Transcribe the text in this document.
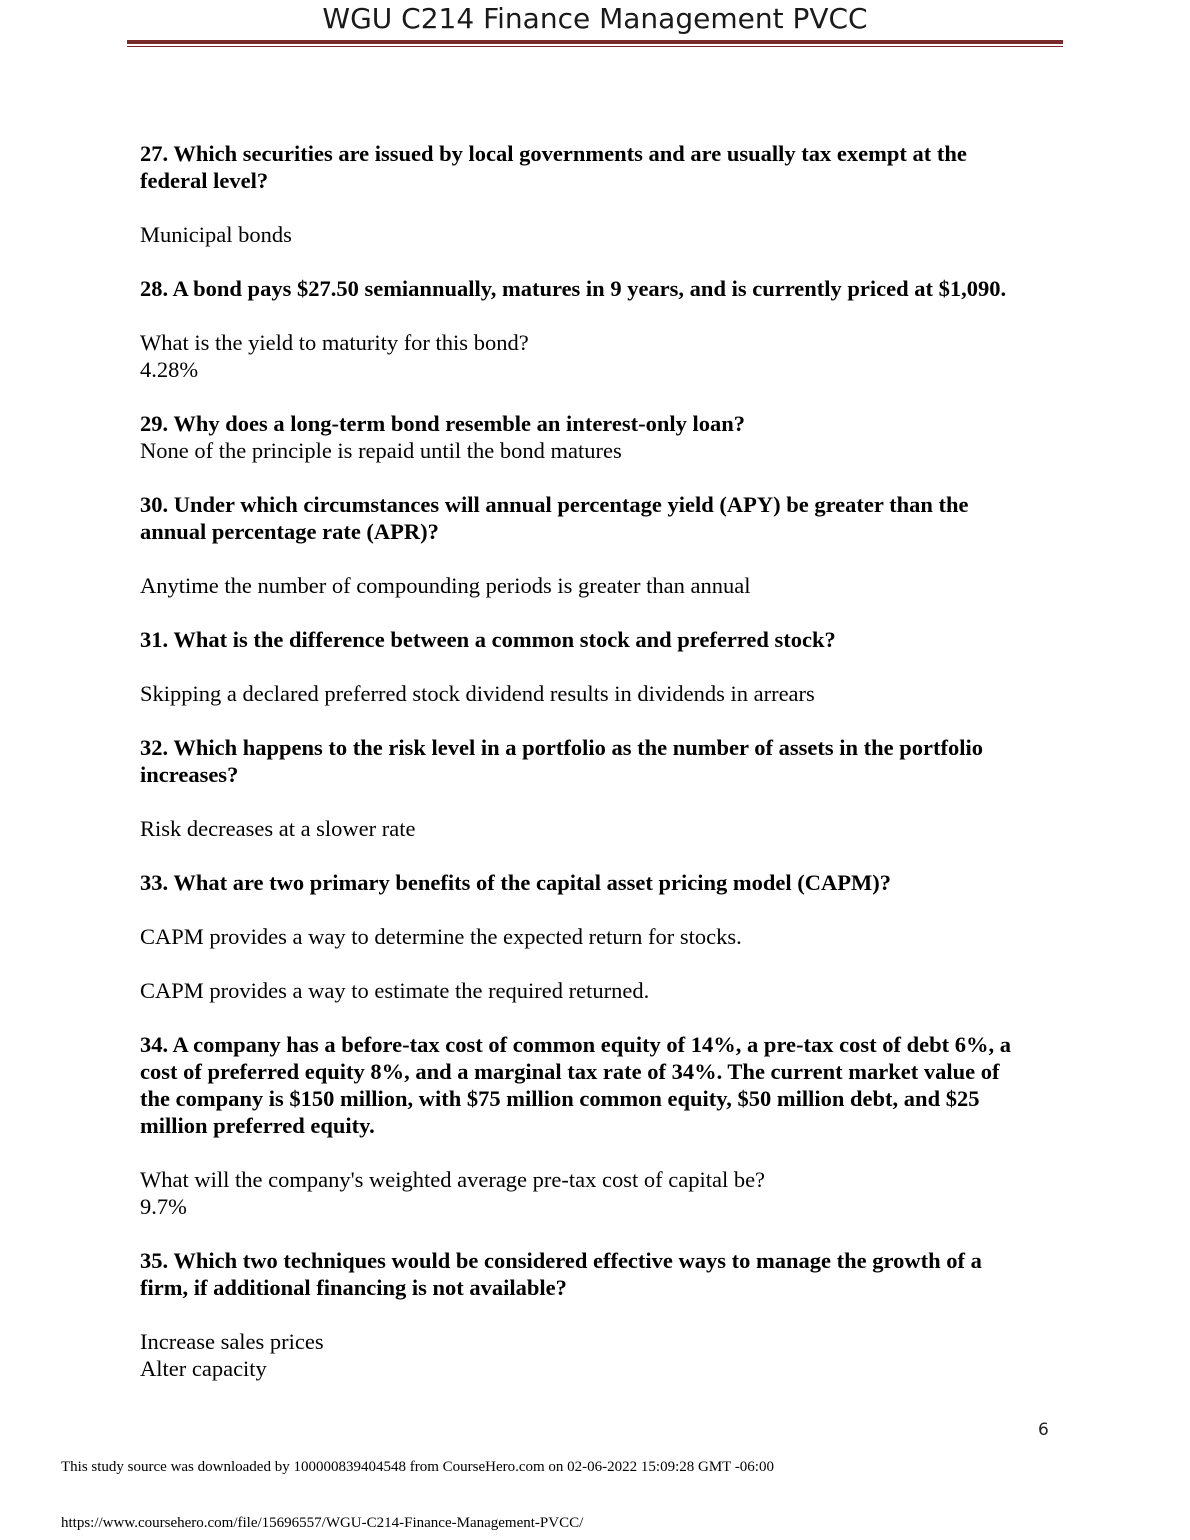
WGU C214 Finance Management PVCC

27. Which securities are issued by local governments and are usually tax exempt at the
federal level?

Municipal bonds

28. A bond pays $27.50 semiannually, matures in 9 years, and is currently priced at $1,090.

What is the yield to maturity for this bond?
4.28%

29. Why does a long-term bond resemble an interest-only loan?

None of the principle is repaid until the bond matures

30. Under which circumstances will annual percentage yield (APY) be greater than the
annual percentage rate (APR)?

Anytime the number of compounding periods is greater than annual

31. What is the difference between a common stock and preferred stock?

Skipping a declared preferred stock dividend results in dividends in arrears

32. Which happens to the risk level in a portfolio as the number of assets in the portfolio
increases?

Risk decreases at a slower rate

33. What are two primary benefits of the capital asset pricing model (CAPM)?

CAPM provides a way to determine the expected return for stocks.

CAPM provides a way to estimate the required returned.

34. A company has a before-tax cost of common equity of 14%, a pre-tax cost of debt 6%, a
cost of preferred equity 8%, and a marginal tax rate of 34%. The current market value of
the company is $150 million, with $75 million common equity, $50 million debt, and $25
million preferred equity.

What will the company's weighted average pre-tax cost of capital be?
9.7%

35. Which two techniques would be considered effective ways to manage the growth of a
firm, if additional financing is not available?

Increase sales prices
Alter capacity

6
This study source was downloaded by 100000839404548 from CourseHero.com on 02-06-2022 15:09:28 GMT -06:00
https://www.coursehero.com/file/15696557/WGU-C214-Finance-Management-PVCC/
